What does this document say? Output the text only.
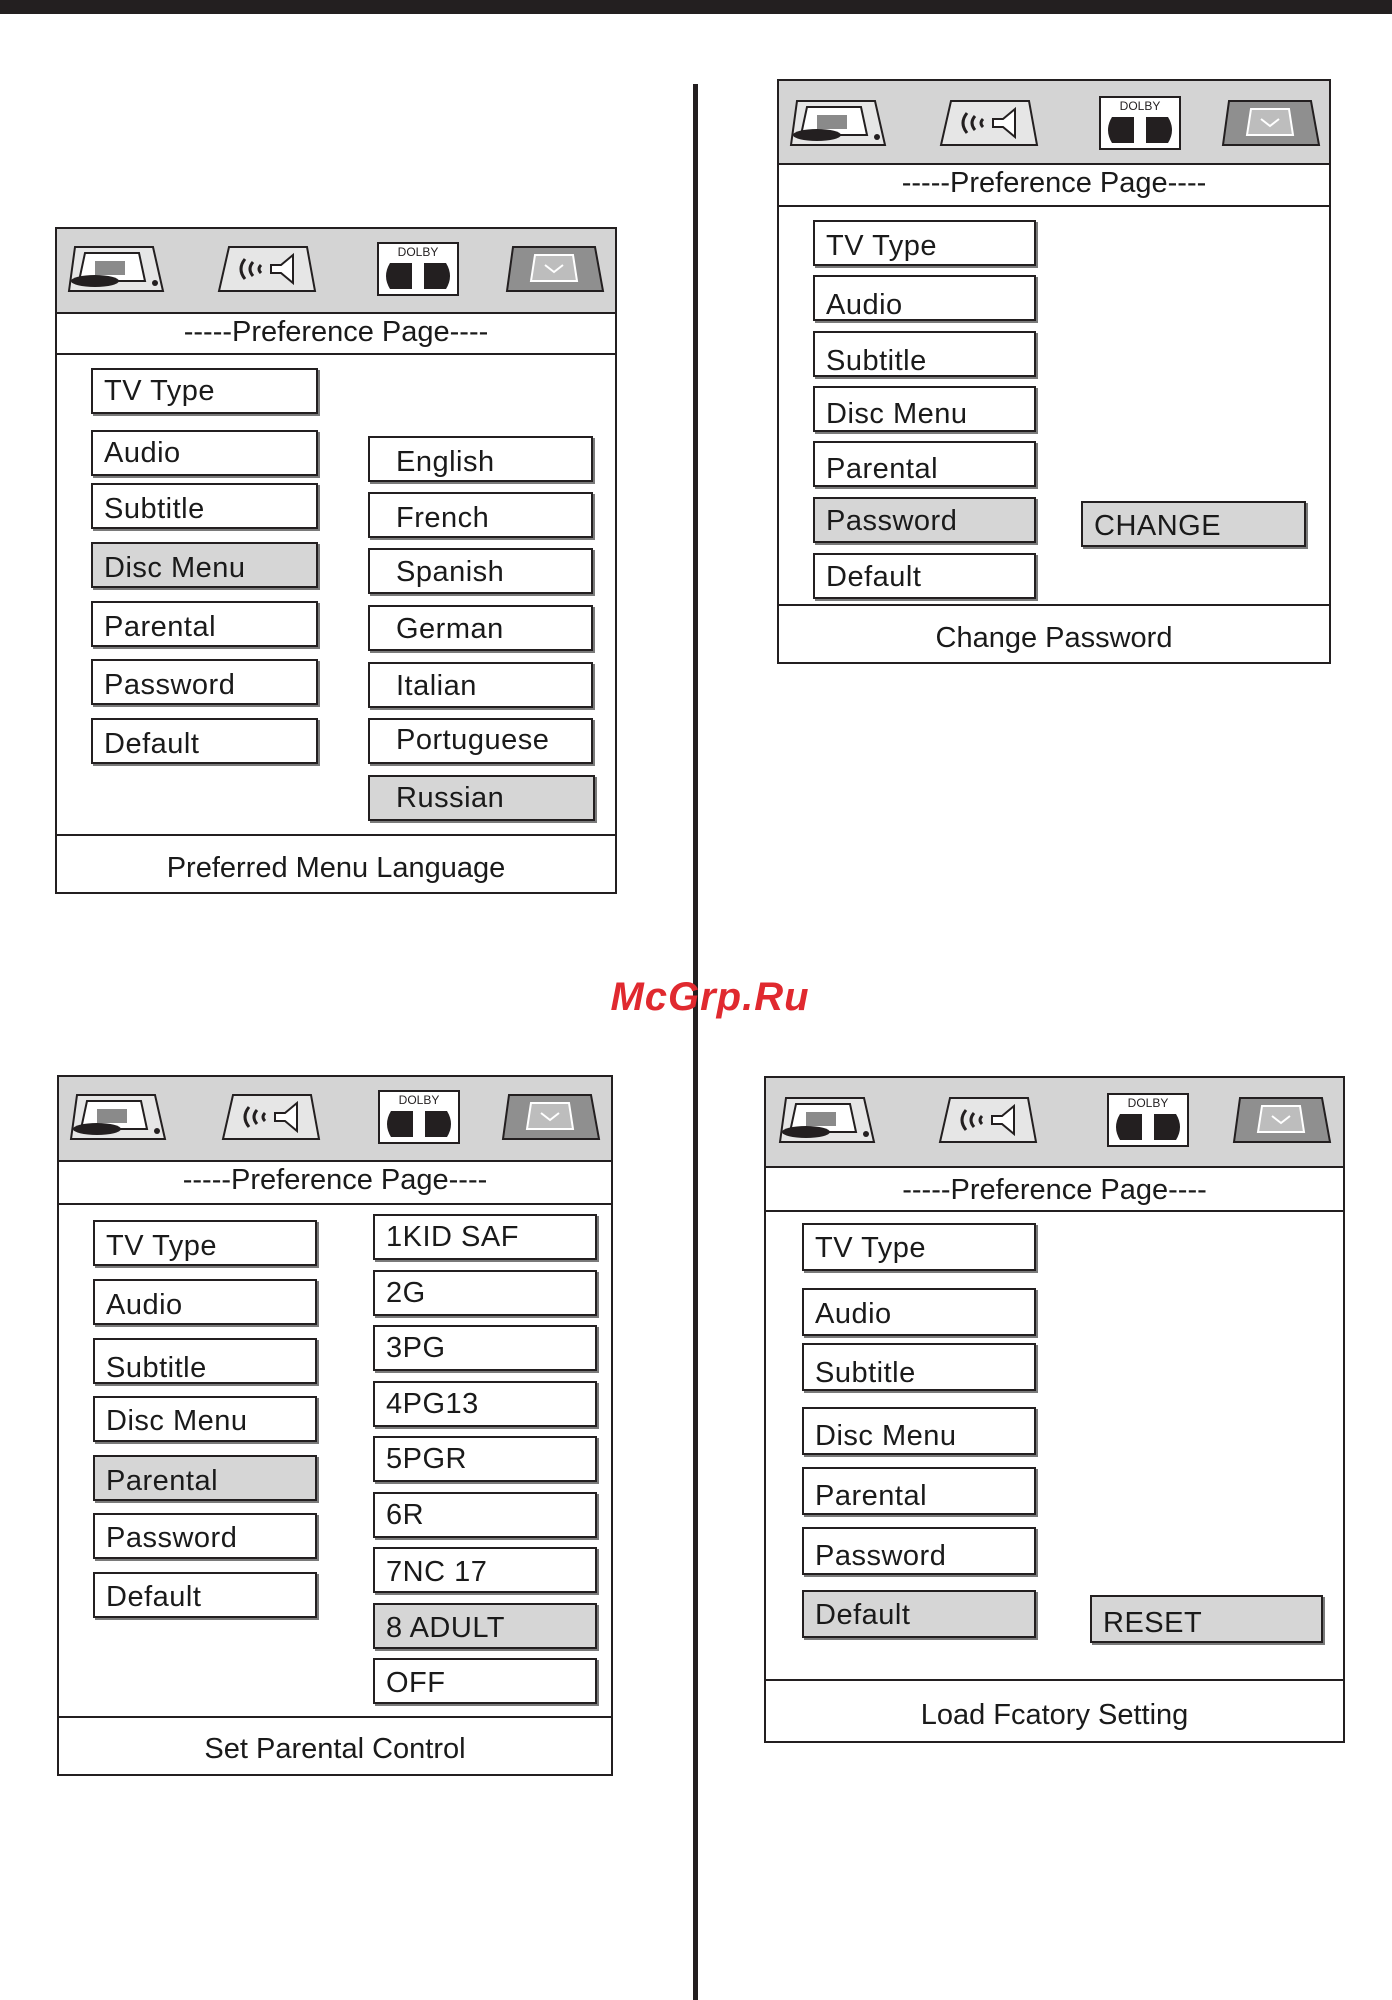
McGrp.Ru
DOLBY
-----Preference Page----
TV Type
Audio
Subtitle
Disc Menu
Parental
Password
Default
English
French
Spanish
German
Italian
Portuguese
Russian
Preferred Menu Language
DOLBY
-----Preference Page----
TV Type
Audio
Subtitle
Disc Menu
Parental
Password
Default
CHANGE
Change Password
DOLBY
-----Preference Page----
TV Type
Audio
Subtitle
Disc Menu
Parental
Password
Default
1KID SAF
2G
3PG
4PG13
5PGR
6R
7NC 17
8 ADULT
OFF
Set Parental Control
DOLBY
-----Preference Page----
TV Type
Audio
Subtitle
Disc Menu
Parental
Password
Default	RESET
Load Fcatory Setting
